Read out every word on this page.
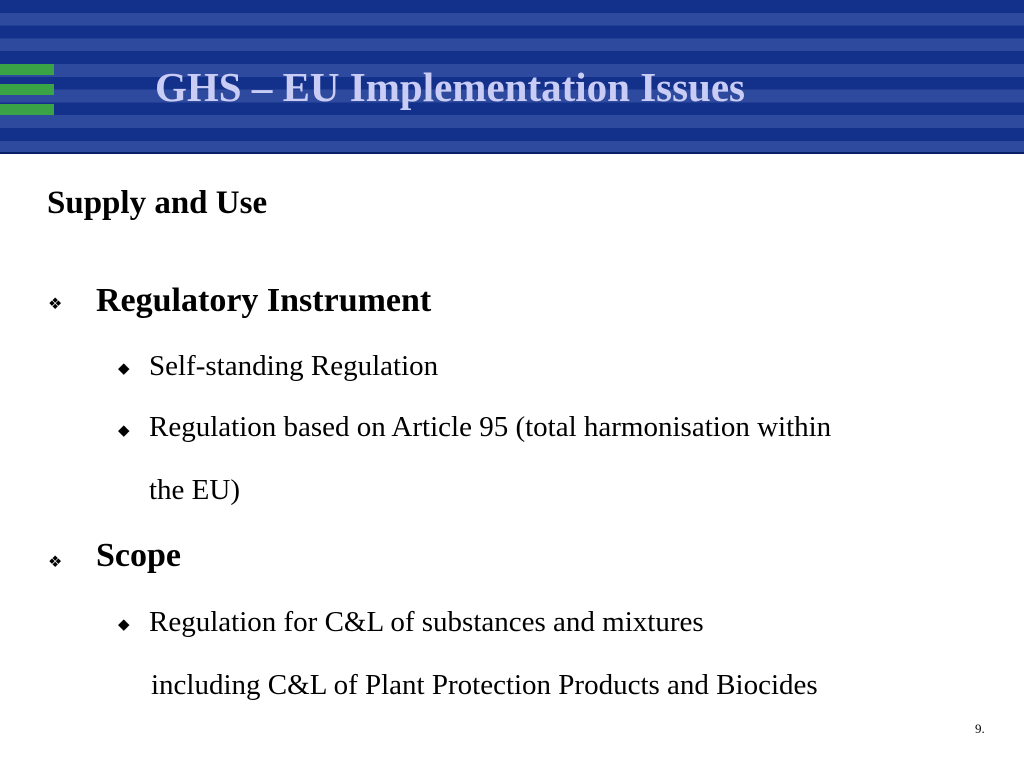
GHS – EU Implementation Issues
Supply and Use
❖ Regulatory Instrument
◆ Self-standing Regulation
◆ Regulation based on Article 95 (total harmonisation within
the EU)
❖ Scope
◆ Regulation for C&L of substances and mixtures
including C&L of Plant Protection Products and Biocides
9.
